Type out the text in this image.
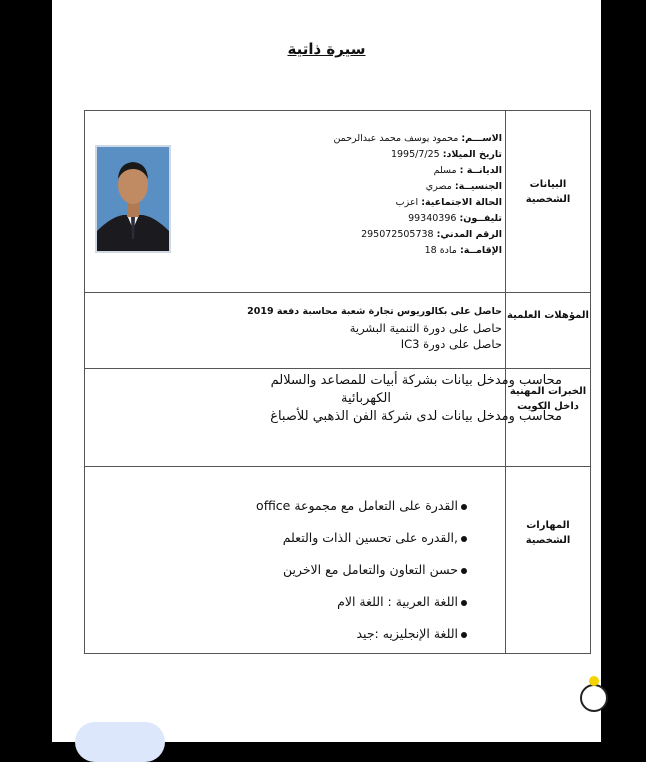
سيرة ذاتية
البيانات الشخصية
الاســـم: محمود يوسف محمد عبدالرحمن
تاريخ الميلاد: 1995/7/25
الديانــة : مسلم
الجنسيــة: مصري
الحالة الاجتماعية: اعزب
تليفــون: 99340396
الرقم المدني: 295072505738
الإقامــة: مادة 18
المؤهلات العلمية
حاصل على بكالوريوس تجارة شعبة محاسبة دفعة 2019
حاصل على دورة التنمية البشرية
حاصل على دورة IC3
الخبرات المهنية داخل الكويت
محاسب ومدخل بيانات بشركة أبيات للمصاعد والسلالم
الكهربائية
محاسب ومدخل بيانات لدى شركة الفن الذهبي للأصباغ
المهارات الشخصية
القدرة على التعامل مع مجموعة office
,القدره على تحسين الذات والتعلم
حسن التعاون والتعامل مع الاخرين
اللغة العربية : اللغة الام
اللغة الإنجليزيه :جيد
